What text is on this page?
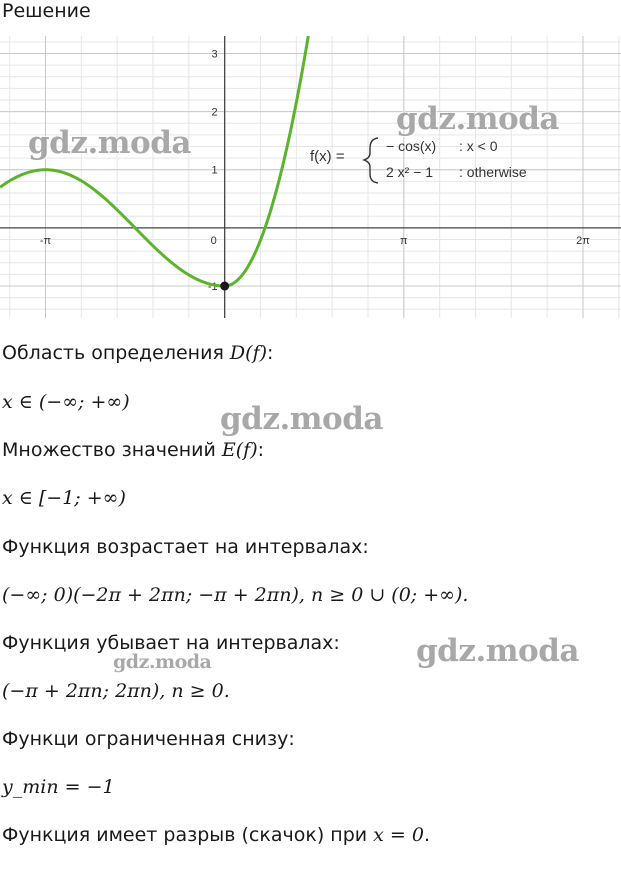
Решение
-π	0	π	2π
1
2
3
-1
f(x) =
− cos(x) : x < 0
2 x² − 1 : otherwise
Область определения D(f):
x ∈ (−∞; +∞)
Множество значений E(f):
x ∈ [−1; +∞)
Функция возрастает на интервалах:
(−∞; 0)(−2π + 2πn; −π + 2πn), n ≥ 0 ∪ (0; +∞).
Функция убывает на интервалах:
(−π + 2πn; 2πn), n ≥ 0.
Функци ограниченная снизу:
y_min = −1
Функция имеет разрыв (скачок) при x = 0.
gdz.moda
gdz.moda
gdz.moda
gdz.moda
gdz.moda
